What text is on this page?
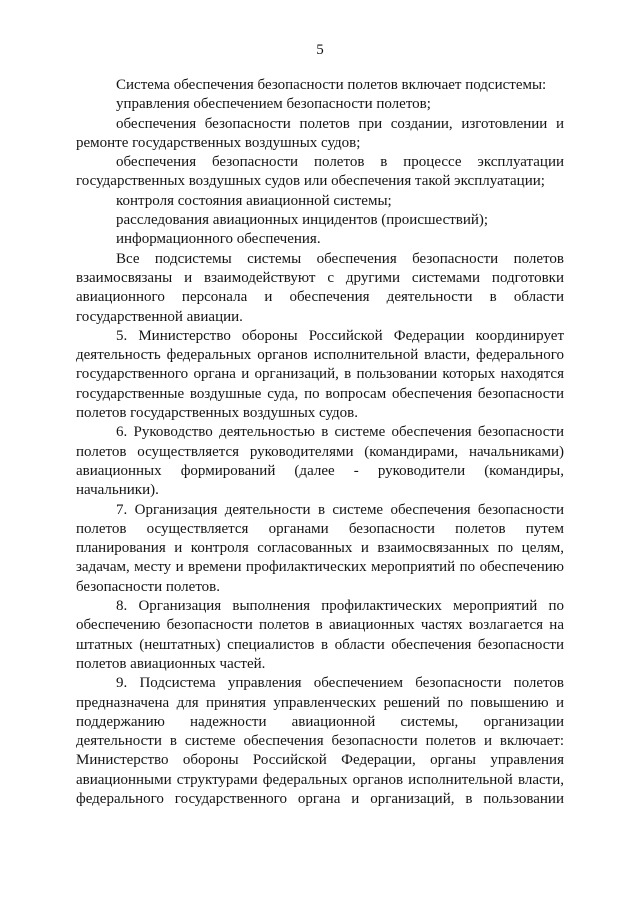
5

Система обеспечения безопасности полетов включает подсистемы:

управления обеспечением безопасности полетов;

обеспечения безопасности полетов при создании, изготовлении и ремонте государственных воздушных судов;

обеспечения безопасности полетов в процессе эксплуатации государственных воздушных судов или обеспечения такой эксплуатации;

контроля состояния авиационной системы;

расследования авиационных инцидентов (происшествий);

информационного обеспечения.

Все подсистемы системы обеспечения безопасности полетов взаимосвязаны и взаимодействуют с другими системами подготовки авиационного персонала и обеспечения деятельности в области государственной авиации.

5. Министерство обороны Российской Федерации координирует деятельность федеральных органов исполнительной власти, федерального государственного органа и организаций, в пользовании которых находятся государственные воздушные суда, по вопросам обеспечения безопасности полетов государственных воздушных судов.

6. Руководство деятельностью в системе обеспечения безопасности полетов осуществляется руководителями (командирами, начальниками) авиационных формирований (далее - руководители (командиры, начальники).

7. Организация деятельности в системе обеспечения безопасности полетов осуществляется органами безопасности полетов путем планирования и контроля согласованных и взаимосвязанных по целям, задачам, месту и времени профилактических мероприятий по обеспечению безопасности полетов.

8. Организация выполнения профилактических мероприятий по обеспечению безопасности полетов в авиационных частях возлагается на штатных (нештатных) специалистов в области обеспечения безопасности полетов авиационных частей.

9. Подсистема управления обеспечением безопасности полетов предназначена для принятия управленческих решений по повышению и поддержанию надежности авиационной системы, организации деятельности в системе обеспечения безопасности полетов и включает: Министерство обороны Российской Федерации, органы управления авиационными структурами федеральных органов исполнительной власти, федерального государственного органа и организаций, в пользовании
